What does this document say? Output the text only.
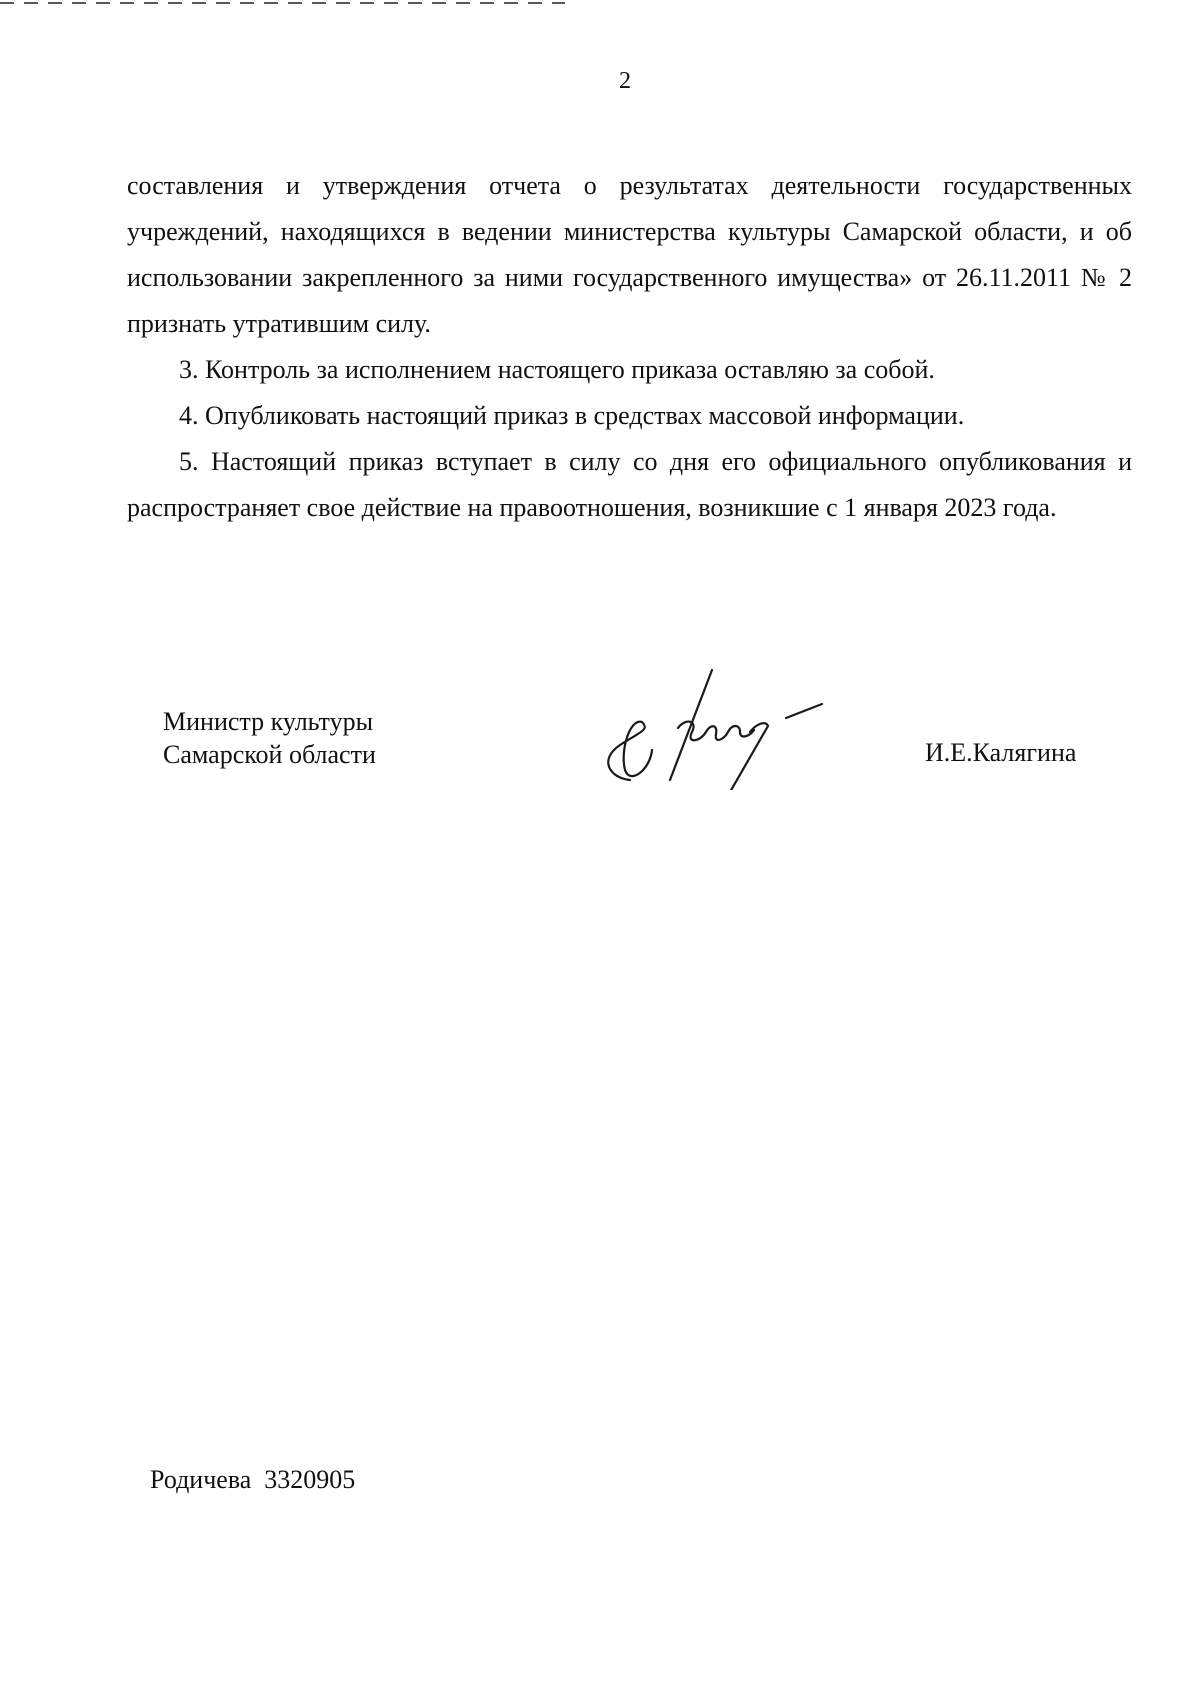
2

составления и утверждения отчета о результатах деятельности государственных учреждений, находящихся в ведении министерства культуры Самарской области, и об использовании закрепленного за ними государственного имущества» от 26.11.2011 № 2 признать утратившим силу.

3. Контроль за исполнением настоящего приказа оставляю за собой.

4. Опубликовать настоящий приказ в средствах массовой информации.

5. Настоящий приказ вступает в силу со дня его официального опубликования и распространяет свое действие на правоотношения, возникшие с 1 января 2023 года.

Министр культуры
Самарской области	И.Е.Калягина
Родичева  3320905
